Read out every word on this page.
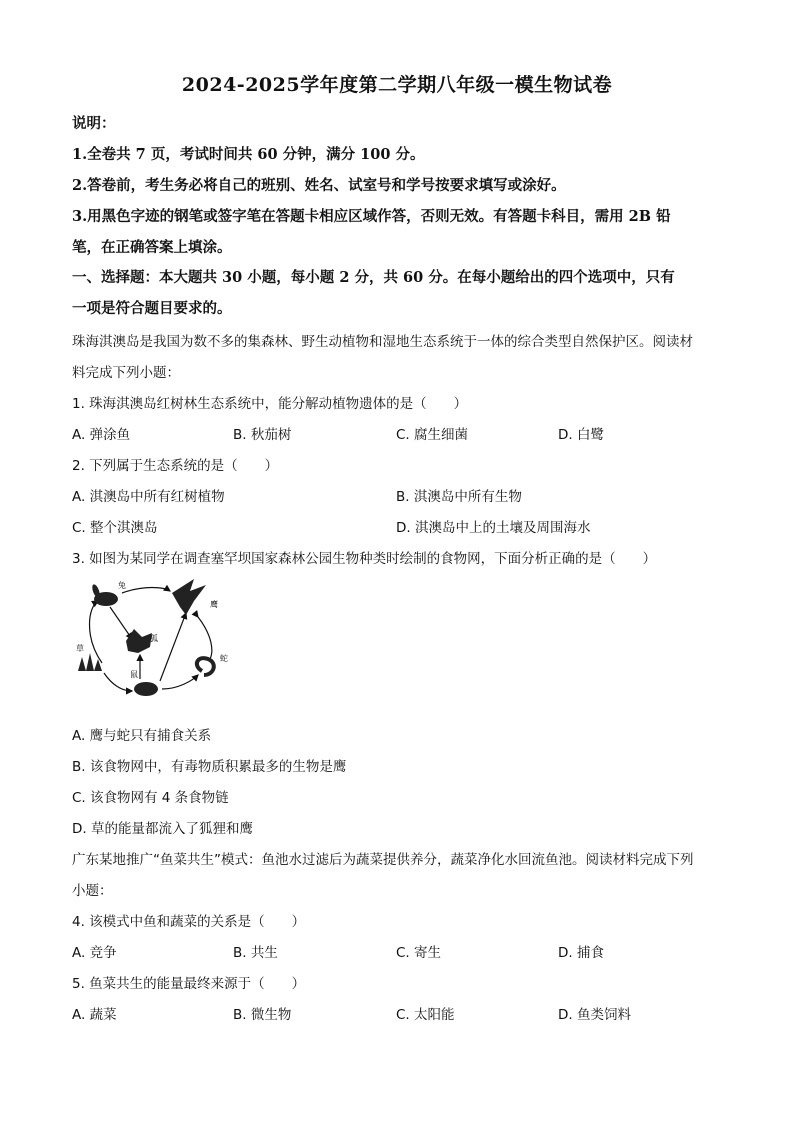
2024-2025学年度第二学期八年级一模生物试卷
说明：
1.全卷共 7 页，考试时间共 60 分钟，满分 100 分。
2.答卷前，考生务必将自己的班别、姓名、试室号和学号按要求填写或涂好。
3.用黑色字迹的钢笔或签字笔在答题卡相应区域作答，否则无效。有答题卡科目，需用 2B 铅
笔，在正确答案上填涂。
一、选择题：本大题共 30 小题，每小题 2 分，共 60 分。在每小题给出的四个选项中，只有
一项是符合题目要求的。
珠海淇澳岛是我国为数不多的集森林、野生动植物和湿地生态系统于一体的综合类型自然保护区。阅读材
料完成下列小题：
1. 珠海淇澳岛红树林生态系统中，能分解动植物遗体的是（　　）
A. 弹涂鱼	B. 秋茄树	C. 腐生细菌	D. 白鹭
2. 下列属于生态系统的是（　　）
A. 淇澳岛中所有红树植物	B. 淇澳岛中所有生物
C. 整个淇澳岛	D. 淇澳岛中上的土壤及周围海水
3. 如图为某同学在调查塞罕坝国家森林公园生物种类时绘制的食物网，下面分析正确的是（　　）
兔
鹰
狐
草
蛇
鼠
A. 鹰与蛇只有捕食关系
B. 该食物网中，有毒物质积累最多的生物是鹰
C. 该食物网有 4 条食物链
D. 草的能量都流入了狐狸和鹰
广东某地推广“鱼菜共生”模式：鱼池水过滤后为蔬菜提供养分，蔬菜净化水回流鱼池。阅读材料完成下列
小题：
4. 该模式中鱼和蔬菜的关系是（　　）
A. 竞争	B. 共生	C. 寄生	D. 捕食
5. 鱼菜共生的能量最终来源于（　　）
A. 蔬菜	B. 微生物	C. 太阳能	D. 鱼类饲料
